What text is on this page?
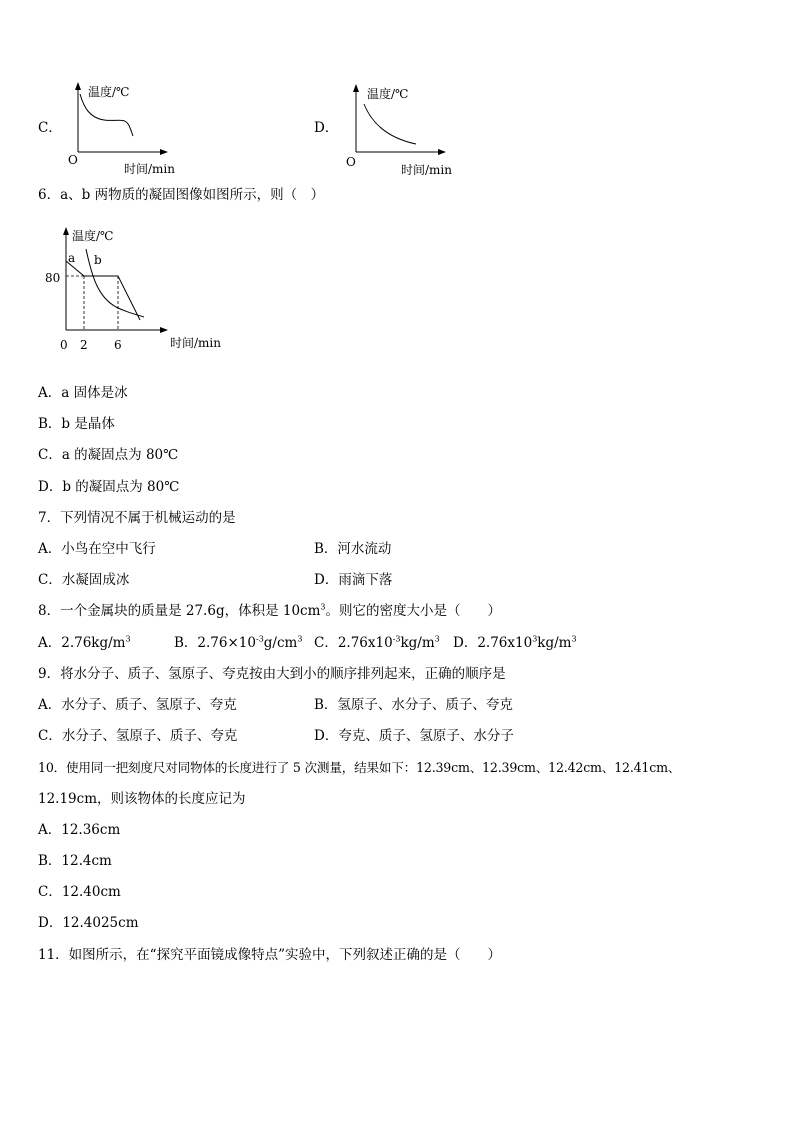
C．
温度/℃
O
时间/min
D．
温度/℃
O
时间/min
6．a、b 两物质的凝固图像如图所示，则（　）
温度/℃
a b
80
0 2 6	时间/min
A．a 固体是冰
B．b 是晶体
C．a 的凝固点为 80℃
D．b 的凝固点为 80℃
7．下列情况不属于机械运动的是
A．小鸟在空中飞行	B．河水流动
C．水凝固成冰	D．雨滴下落
8．一个金属块的质量是 27.6g，体积是 $10cm^3$。则它的密度大小是（　　）
A．$2.76kg/m^3$	B．$2.76\times 10^{-3}g/cm^3$ C．$2.76x10^{-3}kg/m^3$ D．$2.76x10^3kg/m^3$
9．将水分子、质子、氢原子、夸克按由大到小的顺序排列起来，正确的顺序是
A．水分子、质子、氢原子、夸克	B．氢原子、水分子、质子、夸克
C．水分子、氢原子、质子、夸克	D．夸克、质子、氢原子、水分子
10．使用同一把刻度尺对同物体的长度进行了 5 次测量，结果如下：12.39cm、12.39cm、12.42cm、12.41cm、
12.19cm，则该物体的长度应记为
A．12.36cm
B．12.4cm
C．12.40cm
D．12.4025cm
11．如图所示，在“探究平面镜成像特点”实验中，下列叙述正确的是（　　）
